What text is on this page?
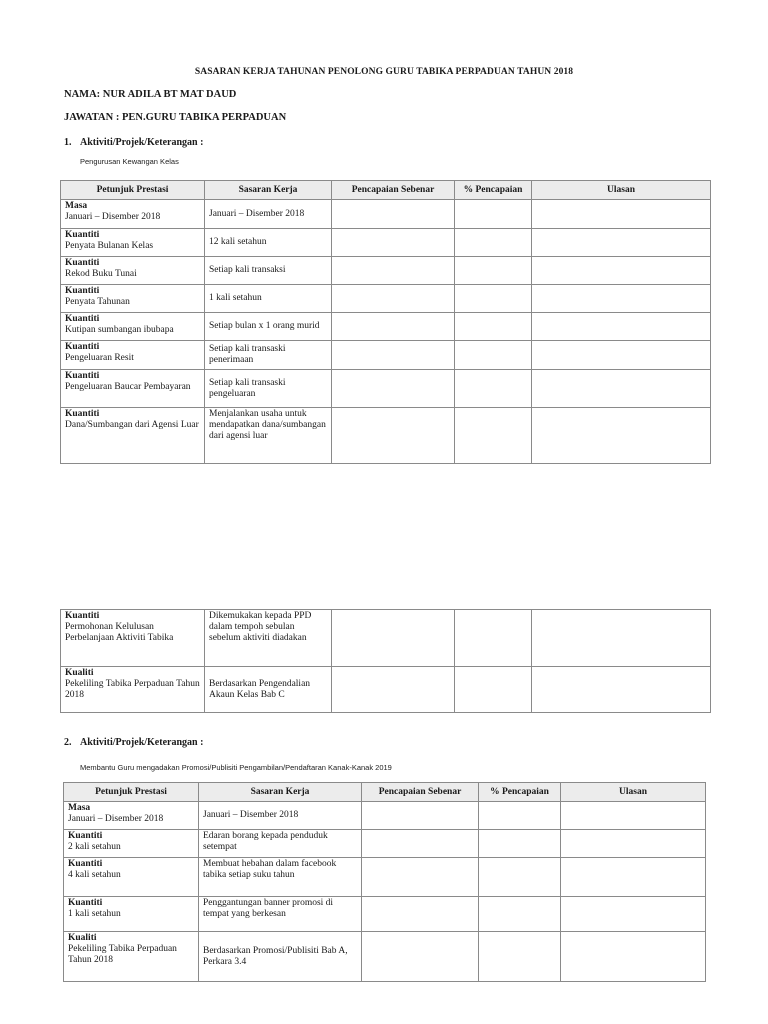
SASARAN KERJA TAHUNAN PENOLONG GURU TABIKA PERPADUAN TAHUN 2018
NAMA: NUR ADILA BT MAT DAUD
JAWATAN : PEN.GURU TABIKA PERPADUAN
1. Aktiviti/Projek/Keterangan :
Pengurusan Kewangan Kelas
Petunjuk Prestasi	Sasaran Kerja	Pencapaian Sebenar	% Pencapaian	Ulasan

Masa
Januari – Disember 2018	Januari – Disember 2018			

Kuantiti
Penyata Bulanan Kelas	12 kali setahun			

Kuantiti
Rekod Buku Tunai	Setiap kali transaksi			

Kuantiti
Penyata Tahunan	1 kali setahun			

Kuantiti
Kutipan sumbangan ibubapa	Setiap bulan x 1 orang murid			

Kuantiti
Pengeluaran Resit	Setiap kali transaski penerimaan			

Kuantiti
Pengeluaran Baucar Pembayaran	Setiap kali transaski pengeluaran			

Kuantiti
Dana/Sumbangan dari Agensi Luar	Menjalankan usaha untuk mendapatkan dana/sumbangan dari agensi luar			
Kuantiti
Permohonan Kelulusan Perbelanjaan Aktiviti Tabika	Dikemukakan kepada PPD dalam tempoh sebulan sebelum aktiviti diadakan			

Kualiti
Pekeliling Tabika Perpaduan Tahun 2018	Berdasarkan Pengendalian Akaun Kelas Bab C			
2. Aktiviti/Projek/Keterangan :
Membantu Guru mengadakan Promosi/Publisiti Pengambilan/Pendaftaran Kanak-Kanak 2019
Petunjuk Prestasi	Sasaran Kerja	Pencapaian Sebenar	% Pencapaian	Ulasan

Masa
Januari – Disember 2018	Januari – Disember 2018			

Kuantiti
2 kali setahun	Edaran borang kepada penduduk setempat			

Kuantiti
4 kali setahun	Membuat hebahan dalam facebook tabika setiap suku tahun			

Kuantiti
1 kali setahun	Penggantungan banner promosi di tempat yang berkesan			

Kualiti
Pekeliling Tabika Perpaduan Tahun 2018	Berdasarkan Promosi/Publisiti Bab A, Perkara 3.4			
